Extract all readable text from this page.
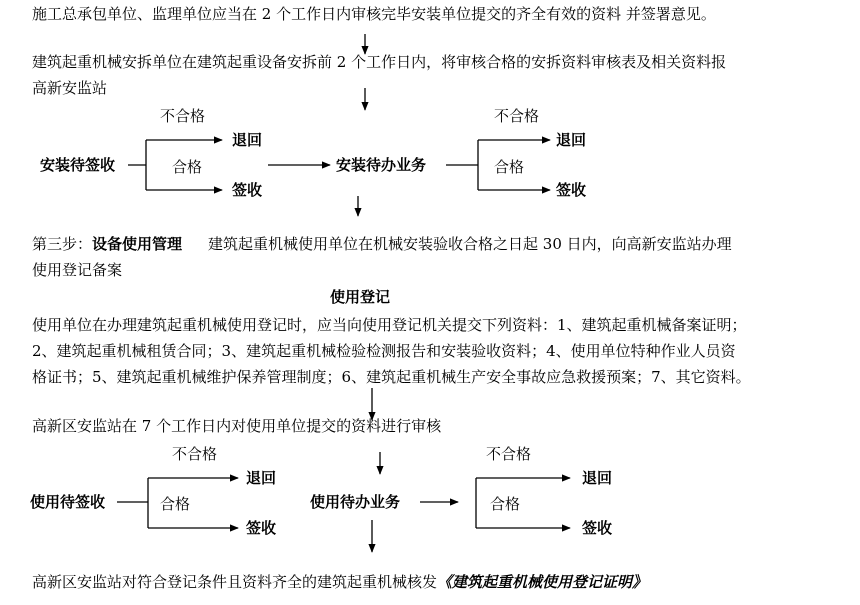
施工总承包单位、监理单位应当在 2 个工作日内审核完毕安装单位提交的齐全有效的资料 并签署意见。
建筑起重机械安拆单位在建筑起重设备安拆前 2 个工作日内，将审核合格的安拆资料审核表及相关资料报
高新安监站
不合格
退回
安装待签收	合格	安装待办业务
签收
不合格
退回
合格
签收
第三步：设备使用管理 建筑起重机械使用单位在机械安装验收合格之日起 30 日内，向高新安监站办理
使用登记备案
使用登记
使用单位在办理建筑起重机械使用登记时，应当向使用登记机关提交下列资料：1、建筑起重机械备案证明；
2、建筑起重机械租赁合同；3、建筑起重机械检验检测报告和安装验收资料；4、使用单位特种作业人员资
格证书；5、建筑起重机械维护保养管理制度；6、建筑起重机械生产安全事故应急救援预案；7、其它资料。
高新区安监站在 7 个工作日内对使用单位提交的资料进行审核
不合格
退回
使用待签收	合格	使用待办业务
签收
不合格
退回
合格
签收
高新区安监站对符合登记条件且资料齐全的建筑起重机械核发《建筑起重机械使用登记证明》
